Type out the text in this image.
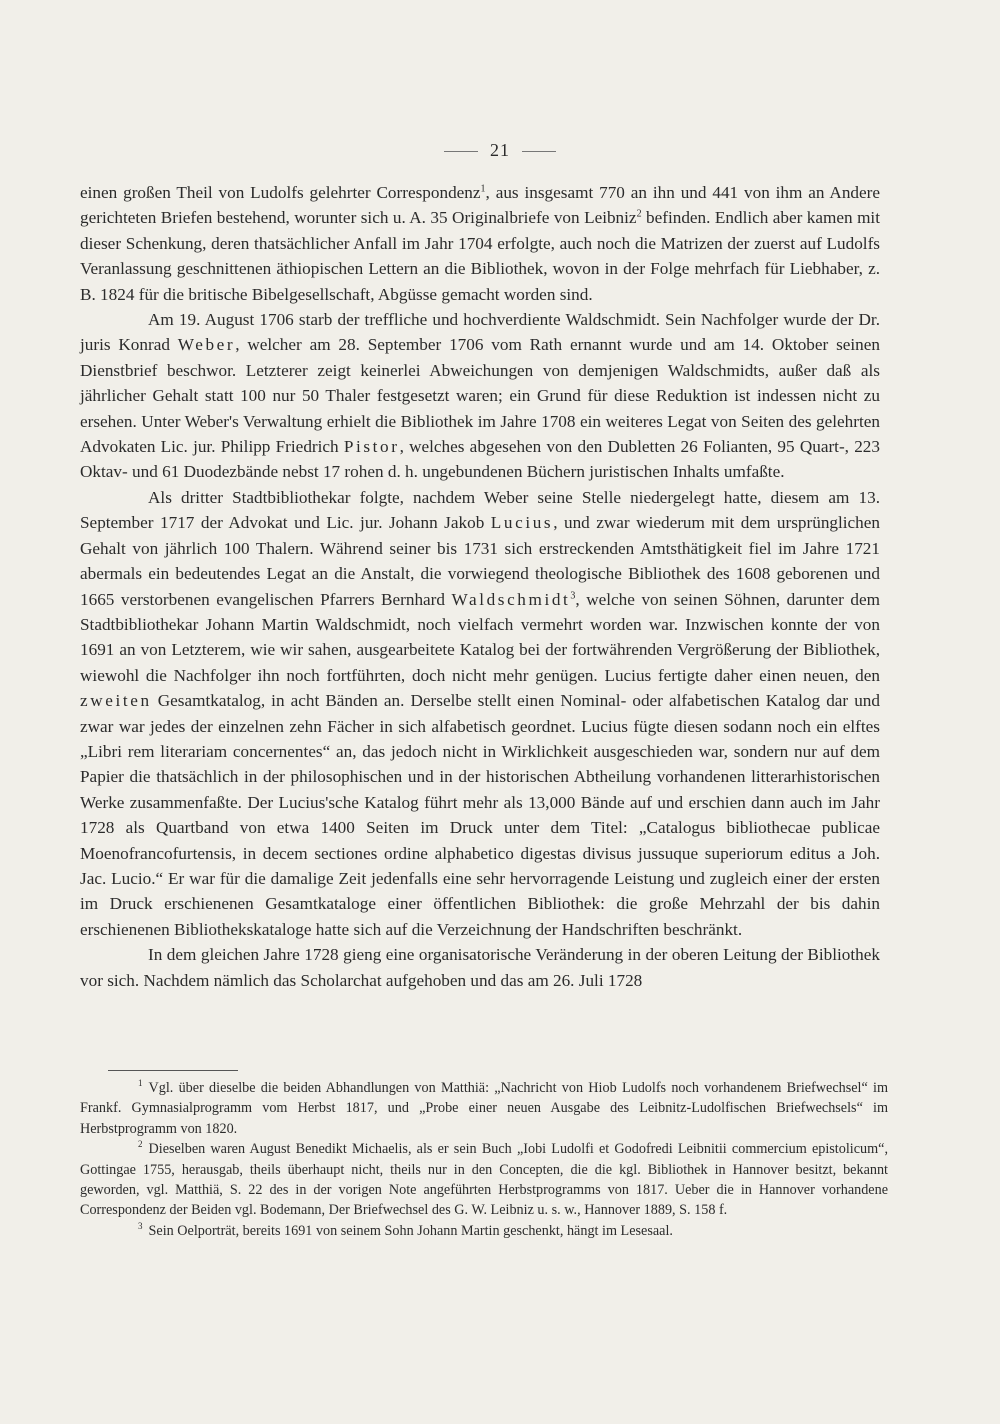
21

einen großen Theil von Ludolfs gelehrter Correspondenz$^1$, aus insgesamt 770 an ihn und 441 von ihm an Andere gerichteten Briefen bestehend, worunter sich u. A. 35 Originalbriefe von Leibniz$^2$ befinden. Endlich aber kamen mit dieser Schenkung, deren thatsächlicher Anfall im Jahr 1704 erfolgte, auch noch die Matrizen der zuerst auf Ludolfs Veranlassung geschnittenen äthiopischen Lettern an die Bibliothek, wovon in der Folge mehrfach für Liebhaber, z. B. 1824 für die britische Bibelgesellschaft, Abgüsse gemacht worden sind.

Am 19. August 1706 starb der treffliche und hochverdiente Waldschmidt. Sein Nachfolger wurde der Dr. juris Konrad Weber, welcher am 28. September 1706 vom Rath ernannt wurde und am 14. Oktober seinen Dienstbrief beschwor. Letzterer zeigt keinerlei Abweichungen von demjenigen Waldschmidts, außer daß als jährlicher Gehalt statt 100 nur 50 Thaler festgesetzt waren; ein Grund für diese Reduktion ist indessen nicht zu ersehen. Unter Weber's Verwaltung erhielt die Bibliothek im Jahre 1708 ein weiteres Legat von Seiten des gelehrten Advokaten Lic. jur. Philipp Friedrich Pistor, welches abgesehen von den Dubletten 26 Folianten, 95 Quart-, 223 Oktav- und 61 Duodezbände nebst 17 rohen d. h. ungebundenen Büchern juristischen Inhalts umfaßte.

Als dritter Stadtbibliothekar folgte, nachdem Weber seine Stelle niedergelegt hatte, diesem am 13. September 1717 der Advokat und Lic. jur. Johann Jakob Lucius, und zwar wiederum mit dem ursprünglichen Gehalt von jährlich 100 Thalern. Während seiner bis 1731 sich erstreckenden Amtsthätigkeit fiel im Jahre 1721 abermals ein bedeutendes Legat an die Anstalt, die vorwiegend theologische Bibliothek des 1608 geborenen und 1665 verstorbenen evangelischen Pfarrers Bernhard Waldschmidt$^3$, welche von seinen Söhnen, darunter dem Stadtbibliothekar Johann Martin Waldschmidt, noch vielfach vermehrt worden war. Inzwischen konnte der von 1691 an von Letzterem, wie wir sahen, ausgearbeitete Katalog bei der fortwährenden Vergrößerung der Bibliothek, wiewohl die Nachfolger ihn noch fortführten, doch nicht mehr genügen. Lucius fertigte daher einen neuen, den zweiten Gesamtkatalog, in acht Bänden an. Derselbe stellt einen Nominal- oder alfabetischen Katalog dar und zwar war jedes der einzelnen zehn Fächer in sich alfabetisch geordnet. Lucius fügte diesen sodann noch ein elftes „Libri rem literariam concernentes“ an, das jedoch nicht in Wirklichkeit ausgeschieden war, sondern nur auf dem Papier die thatsächlich in der philosophischen und in der historischen Abtheilung vorhandenen litterarhistorischen Werke zusammenfaßte. Der Lucius'sche Katalog führt mehr als 13,000 Bände auf und erschien dann auch im Jahr 1728 als Quartband von etwa 1400 Seiten im Druck unter dem Titel: „Catalogus bibliothecae publicae Moenofrancofurtensis, in decem sectiones ordine alphabetico digestas divisus jussuque superiorum editus a Joh. Jac. Lucio.“ Er war für die damalige Zeit jedenfalls eine sehr hervorragende Leistung und zugleich einer der ersten im Druck erschienenen Gesamtkataloge einer öffentlichen Bibliothek: die große Mehrzahl der bis dahin erschienenen Bibliothekskataloge hatte sich auf die Verzeichnung der Handschriften beschränkt.

In dem gleichen Jahre 1728 gieng eine organisatorische Veränderung in der oberen Leitung der Bibliothek vor sich. Nachdem nämlich das Scholarchat aufgehoben und das am 26. Juli 1728

$^1$ Vgl. über dieselbe die beiden Abhandlungen von Matthiä: „Nachricht von Hiob Ludolfs noch vorhandenem Briefwechsel“ im Frankf. Gymnasialprogramm vom Herbst 1817, und „Probe einer neuen Ausgabe des Leibnitz-Ludolfischen Briefwechsels“ im Herbstprogramm von 1820.

$^2$ Dieselben waren August Benedikt Michaelis, als er sein Buch „Iobi Ludolfi et Godofredi Leibnitii commercium epistolicum“, Gottingae 1755, herausgab, theils überhaupt nicht, theils nur in den Concepten, die die kgl. Bibliothek in Hannover besitzt, bekannt geworden, vgl. Matthiä, S. 22 des in der vorigen Note angeführten Herbstprogramms von 1817. Ueber die in Hannover vorhandene Correspondenz der Beiden vgl. Bodemann, Der Briefwechsel des G. W. Leibniz u. s. w., Hannover 1889, S. 158 f.

$^3$ Sein Oelporträt, bereits 1691 von seinem Sohn Johann Martin geschenkt, hängt im Lesesaal.
